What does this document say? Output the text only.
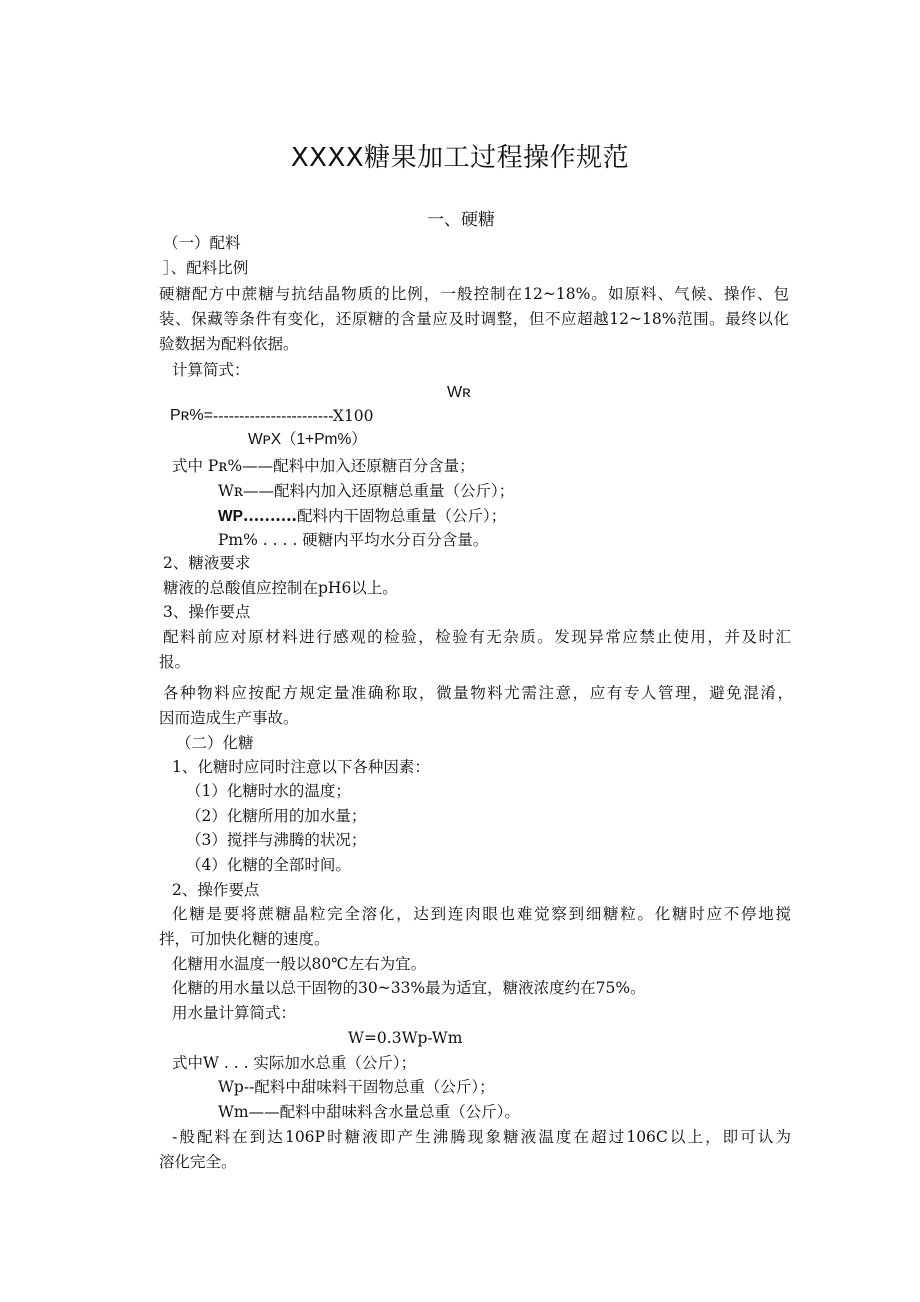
XXXX糖果加工过程操作规范
一、硬糖
（一）配料
］、配料比例
硬糖配方中蔗糖与抗结晶物质的比例，一般控制在12~18%。如原料、气候、操作、包
装、保藏等条件有变化，还原糖的含量应及时调整，但不应超越12~18%范围。最终以化
验数据为配料依据。
计算简式：
Wʀ
Pʀ%= -----------------------X100
WᴘX（1+Pm%）
式中 Pʀ%——配料中加入还原糖百分含量；
Wʀ——配料内加入还原糖总重量（公斤）；
WP..........配料内干固物总重量（公斤）；
Pm% . . . . 硬糖内平均水分百分含量。
2、糖液要求
糖液的总酸值应控制在pH6以上。
3、操作要点
配料前应对原材料进行感观的检验，检验有无杂质。发现异常应禁止使用，并及时汇
报。
各种物料应按配方规定量准确称取，微量物料尤需注意，应有专人管理，避免混淆，
因而造成生产事故。
（二）化糖
1、化糖时应同时注意以下各种因素：
（1）化糖时水的温度；
（2）化糖所用的加水量；
（3）搅拌与沸腾的状况；
（4）化糖的全部时间。
2、操作要点
化糖是要将蔗糖晶粒完全溶化，达到连肉眼也难觉察到细糖粒。化糖时应不停地搅
拌，可加快化糖的速度。
化糖用水温度一般以80℃左右为宜。
化糖的用水量以总干固物的30~33%最为适宜，糖液浓度约在75%。
用水量计算简式：
W=0.3Wp-Wm
式中W . . . 实际加水总重（公斤）；
Wp--配料中甜味料干固物总重（公斤）；
Wm——配料中甜味料含水量总重（公斤）。
-般配料在到达106P时糖液即产生沸腾现象糖液温度在超过106C以上，即可认为
溶化完全。
